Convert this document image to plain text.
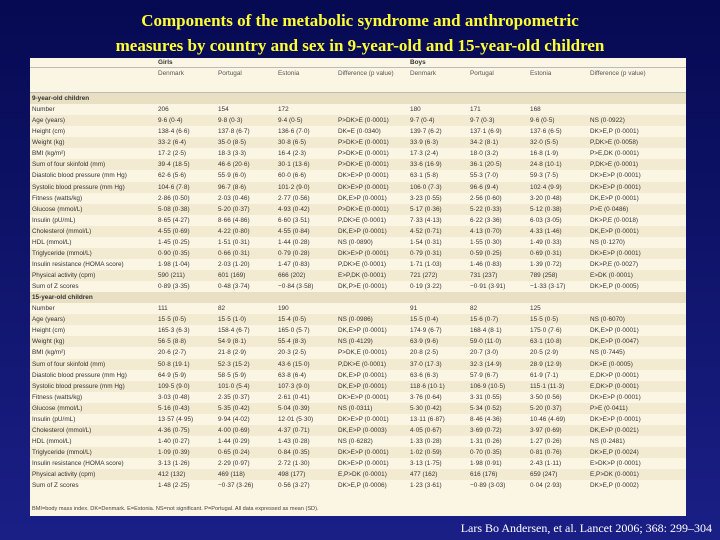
Components of the metabolic syndrome and anthropometric
measures by country and sex in 9-year-old and 15-year-old children
	Girls				Boys			
	Denmark	Portugal	Estonia	Difference (p value)	Denmark	Portugal	Estonia	Difference (p value)
9-year-old children								
Number	206	154	172		180	171	168	
Age (years)	9·6 (0·4)	9·8 (0·3)	9·4 (0·5)	P>DK>E (0·0001)	9·7 (0·4)	9·7 (0·3)	9·6 (0·5)	NS (0·0922)
Height (cm)	138·4 (6·6)	137·8 (6·7)	136·6 (7·0)	DK=E (0·0340)	139·7 (6·2)	137·1 (6·9)	137·6 (6·5)	DK>E,P (0·0001)
Weight (kg)	33·2 (6·4)	35·0 (8·5)	30·8 (6·5)	P>DK>E (0·0001)	33·9 (6·3)	34·2 (8·1)	32·0 (5·5)	P,DK>E (0·0058)
BMI (kg/m²)	17·2 (2·5)	18·3 (3·3)	16·4 (2·3)	P>DK>E (0·0001)	17·3 (2·4)	18·0 (3·2)	16·8 (1·9)	P>E,DK (0·0001)
Sum of four skinfold (mm)	39·4 (18·5)	46·6 (20·6)	30·1 (13·6)	P>DK>E (0·0001)	33·6 (16·9)	36·1 (20·5)	24·8 (10·1)	P,DK>E (0·0001)
Diastolic blood pressure (mm Hg)	62·6 (5·6)	55·9 (6·0)	60·0 (6·6)	DK>E>P (0·0001)	63·1 (5·8)	55·3 (7·0)	59·3 (7·5)	DK>E>P (0·0001)
Systolic blood pressure (mm Hg)	104·6 (7·8)	96·7 (8·6)	101·2 (9·0)	DK>E>P (0·0001)	106·0 (7·3)	96·6 (9·4)	102·4 (9·9)	DK>E>P (0·0001)
Fitness (watts/kg)	2·86 (0·50)	2·03 (0·46)	2·77 (0·56)	DK,E>P (0·0001)	3·23 (0·55)	2·56 (0·60)	3·20 (0·48)	DK,E>P (0·0001)
Glucose (mmol/L)	5·08 (0·38)	5·20 (0·37)	4·93 (0·42)	P>DK>E (0·0001)	5·17 (0·36)	5·22 (0·33)	5·12 (0·38)	P>E (0·0486)
Insulin (pU/mL)	8·65 (4·27)	8·66 (4·86)	6·60 (3·51)	P,DK>E (0·0001)	7·33 (4·13)	6·22 (3·36)	6·03 (3·05)	DK>P,E (0·0018)
Cholesterol (mmol/L)	4·55 (0·69)	4·22 (0·80)	4·55 (0·84)	DK,E>P (0·0001)	4·52 (0·71)	4·13 (0·70)	4·33 (1·46)	DK,E>P (0·0001)
HDL (mmol/L)	1·45 (0·25)	1·51 (0·31)	1·44 (0·28)	NS (0·0890)	1·54 (0·31)	1·55 (0·30)	1·49 (0·33)	NS (0·1270)
Triglyceride (mmol/L)	0·90 (0·35)	0·66 (0·31)	0·79 (0·28)	DK>E>P (0·0001)	0·79 (0·31)	0·59 (0·25)	0·69 (0·31)	DK>E>P (0·0001)
Insulin resistance (HOMA score)	1·98 (1·04)	2·03 (1·20)	1·47 (0·83)	P,DK>E (0·0001)	1·71 (1·03)	1·46 (0·83)	1·39 (0·72)	DK>P,E (0·0027)
Physical activity (cpm)	590 (211)	601 (169)	666 (202)	E>P,DK (0·0001)	721 (272)	731 (237)	789 (258)	E>DK (0·0001)
Sum of Z scores	0·89 (3·35)	0·48 (3·74)	−0·84 (3·58)	DK,P>E (0·0001)	0·19 (3·22)	−0·91 (3·91)	−1·33 (3·17)	DK>E,P (0·0005)
15-year-old children								
Number	111	82	190		91	82	125	
Age (years)	15·5 (0·5)	15·5 (1·0)	15·4 (0·5)	NS (0·0986)	15·5 (0·4)	15·6 (0·7)	15·5 (0·5)	NS (0·6070)
Height (cm)	165·3 (6·3)	158·4 (6·7)	165·0 (5·7)	DK,E>P (0·0001)	174·9 (6·7)	168·4 (8·1)	175·0 (7·6)	DK,E>P (0·0001)
Weight (kg)	56·5 (8·8)	54·9 (8·1)	55·4 (8·3)	NS (0·4129)	63·9 (9·6)	59·0 (11·0)	63·1 (10·8)	DK,E>P (0·0047)
BMI (kg/m²)	20·6 (2·7)	21·8 (2·9)	20·3 (2·5)	P>DK,E (0·0001)	20·8 (2·5)	20·7 (3·0)	20·5 (2·9)	NS (0·7445)
Sum of four skinfold (mm)	50·8 (19·1)	52·3 (15·2)	43·6 (15·0)	P,DK>E (0·0001)	37·0 (17·3)	32·3 (14·9)	28·9 (12·9)	DK>E (0·0005)
Diastolic blood pressure (mm Hg)	64·9 (5·9)	58·5 (5·9)	63·8 (6·4)	DK,E>P (0·0001)	63·6 (6·3)	57·9 (6·7)	61·9 (7·1)	E,DK>P (0·0001)
Systolic blood pressure (mm Hg)	109·5 (9·0)	101·0 (5·4)	107·3 (9·0)	DK,E>P (0·0001)	118·6 (10·1)	106·9 (10·5)	115·1 (11·3)	E,DK>P (0·0001)
Fitness (watts/kg)	3·03 (0·48)	2·35 (0·37)	2·61 (0·41)	DK>E>P (0·0001)	3·76 (0·64)	3·31 (0·55)	3·50 (0·56)	DK>E>P (0·0001)
Glucose (mmol/L)	5·16 (0·43)	5·35 (0·42)	5·04 (0·39)	NS (0·0311)	5·30 (0·42)	5·34 (0·52)	5·20 (0·37)	P>E (0·0411)
Insulin (pU/mL)	13·57 (4·95)	9·94 (4·02)	12·01 (5·30)	DK>E>P (0·0001)	13·11 (6·87)	8·46 (4·36)	10·46 (4·69)	DK>E>P (0·0001)
Cholesterol (mmol/L)	4·36 (0·75)	4·00 (0·69)	4·37 (0·71)	DK,E>P (0·0003)	4·05 (0·67)	3·69 (0·72)	3·97 (0·69)	DK,E>P (0·0021)
HDL (mmol/L)	1·40 (0·27)	1·44 (0·29)	1·43 (0·28)	NS (0·6282)	1·33 (0·28)	1·31 (0·26)	1·27 (0·26)	NS (0·2481)
Triglyceride (mmol/L)	1·09 (0·39)	0·65 (0·24)	0·84 (0·35)	DK>E>P (0·0001)	1·02 (0·59)	0·70 (0·35)	0·81 (0·76)	DK>E,P (0·0024)
Insulin resistance (HOMA score)	3·13 (1·26)	2·29 (0·97)	2·72 (1·30)	DK>E>P (0·0001)	3·13 (1·75)	1·98 (0·91)	2·43 (1·11)	E>DK>P (0·0001)
Physical activity (cpm)	412 (132)	469 (118)	498 (177)	E,P>DK (0·0001)	477 (162)	616 (176)	659 (247)	E,P>DK (0·0001)
Sum of Z scores	1·48 (2·25)	−0·37 (3·26)	0·56 (3·27)	DK>E,P (0·0006)	1·23 (3·61)	−0·89 (3·03)	0·04 (2·93)	DK>E,P (0·0002)
BMI=body mass index. DK=Denmark. E=Estonia. NS=not significant. P=Portugal. All data expressed as mean (SD).
Lars Bo Andersen, et al. Lancet 2006; 368: 299–304
